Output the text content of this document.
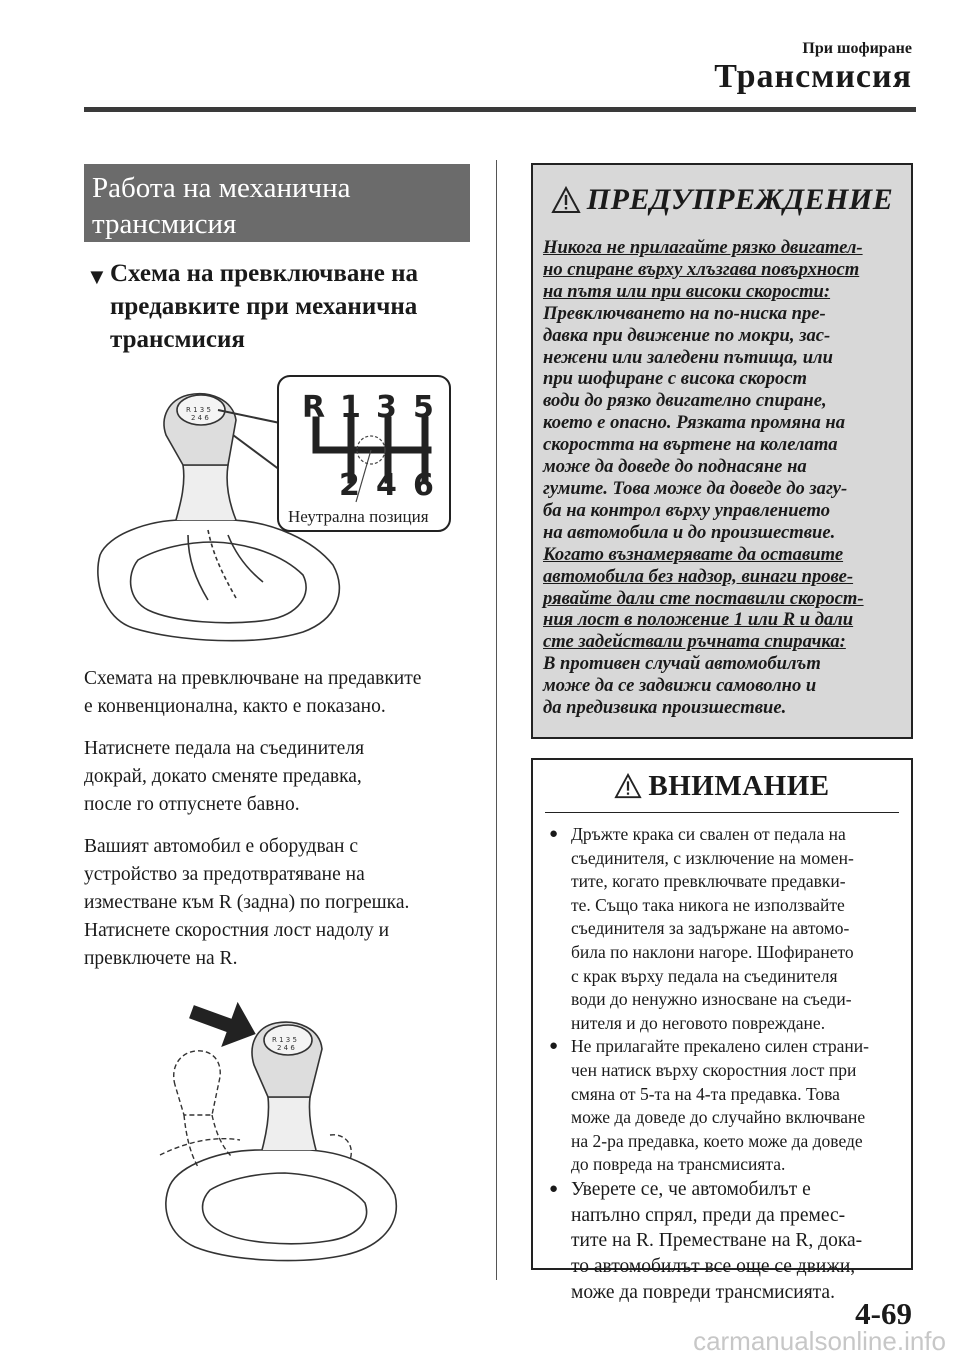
При шофиране
Трансмисия
Работа на механична
трансмисия
▼ Схема на превключване на
предавките при механична
трансмисия
R 1 3 5
2 4 6	R 1 3 5
2 4 6
Неутрална позиция
Схемата на превключване на предавките
е конвенционална, както е показано.
Натиснете педала на съединителя
докрай, докато сменяте предавка,
после го отпуснете бавно.
Вашият автомобил е оборудван с
устройство за предотвратяване на
изместване към R (задна) по погрешка.
Натиснете скоростния лост надолу и
превключете на R.
R 1 3 5
2 4 6
ПРЕДУПРЕЖДЕНИЕ
Никога не прилагайте рязко двигател-
но спиране върху хлъзгава повърхност
на пътя или при високи скорости:
Превключването на по-ниска пре-
давка при движение по мокри, зас-
нежени или заледени пътища, или
при шофиране с висока скорост
води до рязко двигателно спиране,
което е опасно. Рязката промяна на
скоростта на въртене на колелата
може да доведе до поднасяне на
гумите. Това може да доведе до загу-
ба на контрол върху управлението
на автомобила и до произшествие.
Когато възнамерявате да оставите
автомобила без надзор, винаги прове-
рявайте дали сте поставили скорост-
ния лост в положение 1 или R и дали
сте задействали ръчната спирачка:
В противен случай автомобилът
може да се задвижи самоволно и
да предизвика произшествие.
ВНИМАНИЕ
● Дръжте крака си свален от педала на
съединителя, с изключение на момен-
тите, когато превключвате предавки-
те. Също така никога не използвайте
съединителя за задържане на автомо-
била по наклони нагоре. Шофирането
с крак върху педала на съединителя
води до ненужно износване на съеди-
нителя и до неговото повреждане.
● Не прилагайте прекалено силен страни-
чен натиск върху скоростния лост при
смяна от 5-та на 4-та предавка. Това
може да доведе до случайно включване
на 2-ра предавка, което може да доведе
до повреда на трансмисията.
● Уверете се, че автомобилът е
напълно спрял, преди да премес-
тите на R. Преместване на R, дока-
то автомобилът все още се движи,
може да повреди трансмисията.
4-69
carmanualsonline.info
